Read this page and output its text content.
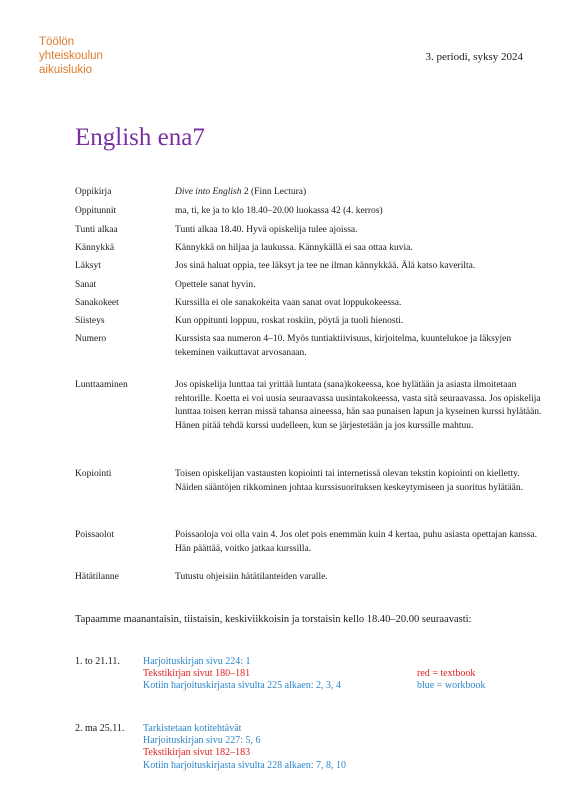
Töölön
yhteiskoulun
aikuislukio
3. periodi, syksy 2024
English ena7
Oppikirja	Dive into English 2 (Finn Lectura)
Oppitunnit	ma, ti, ke ja to klo 18.40–20.00 luokassa 42 (4. kerros)
Tunti alkaa	Tunti alkaa 18.40. Hyvä opiskelija tulee ajoissa.
Kännykkä	Kännykkä on hiljaa ja laukussa. Kännykällä ei saa ottaa kuvia.
Läksyt	Jos sinä haluat oppia, tee läksyt ja tee ne ilman kännykkää. Älä katso kaverilta.
Sanat	Opettele sanat hyvin.
Sanakokeet	Kurssilla ei ole sanakokeita vaan sanat ovat loppukokeessa.
Siisteys	Kun oppitunti loppuu, roskat roskiin, pöytä ja tuoli hienosti.
Numero	Kurssista saa numeron 4–10. Myös tuntiaktiivisuus, kirjoitelma, kuuntelukoe ja läksyjen tekeminen vaikuttavat arvosanaan.
Lunttaaminen	Jos opiskelija lunttaa tai yrittää luntata (sana)kokeessa, koe hylätään ja asiasta ilmoitetaan rehtorille. Koetta ei voi uusia seuraavassa uusintakokeessa, vasta sitä seuraavassa. Jos opiskelija lunttaa toisen kerran missä tahansa aineessa, hän saa punaisen lapun ja kyseinen kurssi hylätään. Hänen pitää tehdä kurssi uudelleen, kun se järjestetään ja jos kurssille mahtuu.
Kopiointi	Toisen opiskelijan vastausten kopiointi tai internetissä olevan tekstin kopiointi on kielletty. Näiden sääntöjen rikkominen johtaa kurssisuorituksen keskeytymiseen ja suoritus hylätään.
Poissaolot	Poissaoloja voi olla vain 4. Jos olet pois enemmän kuin 4 kertaa, puhu asiasta opettajan kanssa. Hän päättää, voitko jatkaa kurssilla.
Hätätilanne	Tutustu ohjeisiin hätätilanteiden varalle.
Tapaamme maanantaisin, tiistaisin, keskiviikkoisin ja torstaisin kello 18.40–20.00 seuraavasti:
1. to 21.11. Harjoituskirjan sivu 224: 1
Tekstikirjan sivut 180–181
Kotiin harjoituskirjasta sivulta 225 alkaen: 2, 3, 4
red = textbook
blue = workbook
2. ma 25.11. Tarkistetaan kotitehtävät
Harjoituskirjan sivu 227: 5, 6
Tekstikirjan sivut 182–183
Kotiin harjoituskirjasta sivulta 228 alkaen: 7, 8, 10
